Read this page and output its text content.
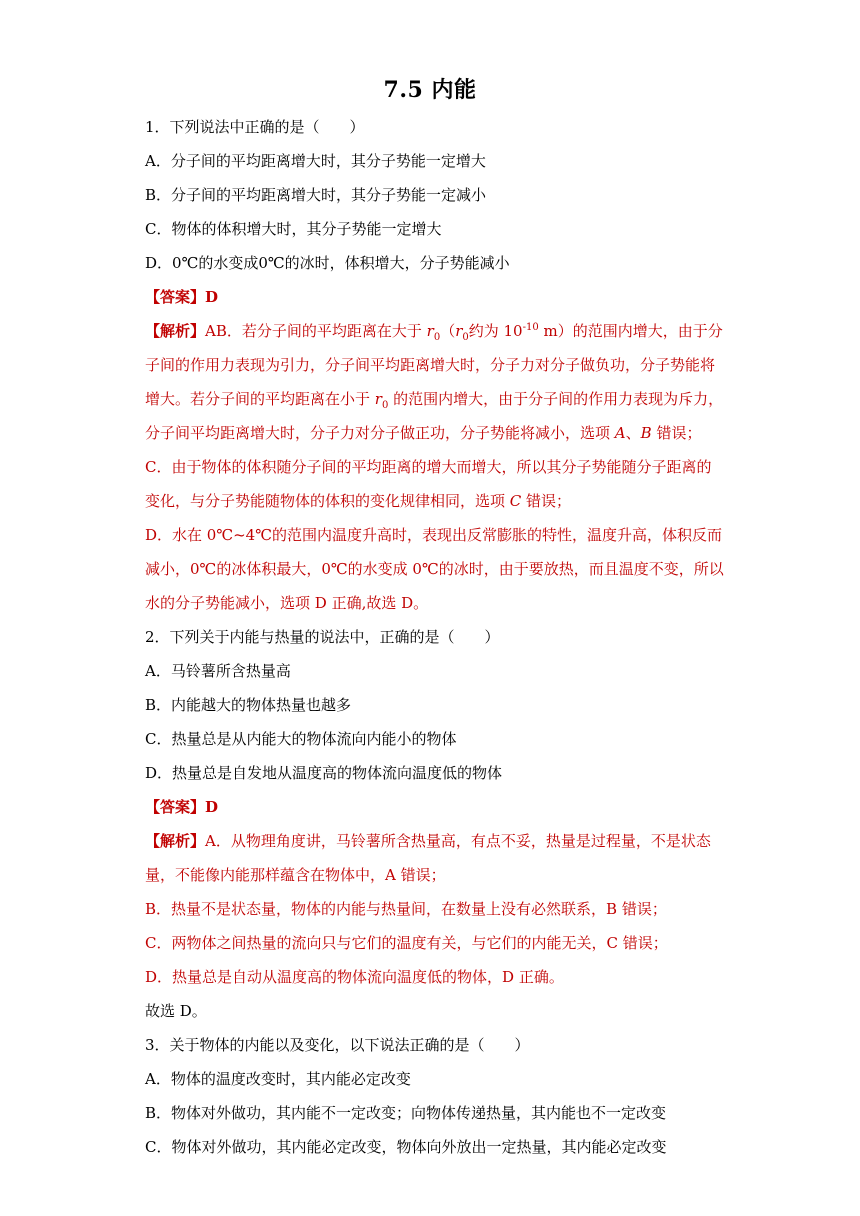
7.5 内能
1．下列说法中正确的是（　　）
A．分子间的平均距离增大时，其分子势能一定增大
B．分子间的平均距离增大时，其分子势能一定减小
C．物体的体积增大时，其分子势能一定增大
D．0℃的水变成0℃的冰时，体积增大，分子势能减小
【答案】D
【解析】AB．若分子间的平均距离在大于 $r_0(r_0$约为 $10^{-10}$ m）的范围内增大，由于分
子间的作用力表现为引力，分子间平均距离增大时，分子力对分子做负功，分子势能将
增大。若分子间的平均距离在小于 $r_0$ 的范围内增大，由于分子间的作用力表现为斥力，
分子间平均距离增大时，分子力对分子做正功，分子势能将减小，选项 A、B 错误；
C．由于物体的体积随分子间的平均距离的增大而增大，所以其分子势能随分子距离的
变化，与分子势能随物体的体积的变化规律相同，选项 C 错误；
D．水在 0℃~4℃的范围内温度升高时，表现出反常膨胀的特性，温度升高，体积反而
减小，0℃的冰体积最大，0℃的水变成 0℃的冰时，由于要放热，而且温度不变，所以
水的分子势能减小，选项 D 正确,故选 D。
2．下列关于内能与热量的说法中，正确的是（　　）
A．马铃薯所含热量高
B．内能越大的物体热量也越多
C．热量总是从内能大的物体流向内能小的物体
D．热量总是自发地从温度高的物体流向温度低的物体
【答案】D
【解析】A．从物理角度讲，马铃薯所含热量高，有点不妥，热量是过程量，不是状态
量，不能像内能那样蕴含在物体中，A 错误；
B．热量不是状态量，物体的内能与热量间，在数量上没有必然联系，B 错误；
C．两物体之间热量的流向只与它们的温度有关，与它们的内能无关，C 错误；
D．热量总是自动从温度高的物体流向温度低的物体，D 正确。
故选 D。
3．关于物体的内能以及变化，以下说法正确的是（　　）
A．物体的温度改变时，其内能必定改变
B．物体对外做功，其内能不一定改变；向物体传递热量，其内能也不一定改变
C．物体对外做功，其内能必定改变，物体向外放出一定热量，其内能必定改变
